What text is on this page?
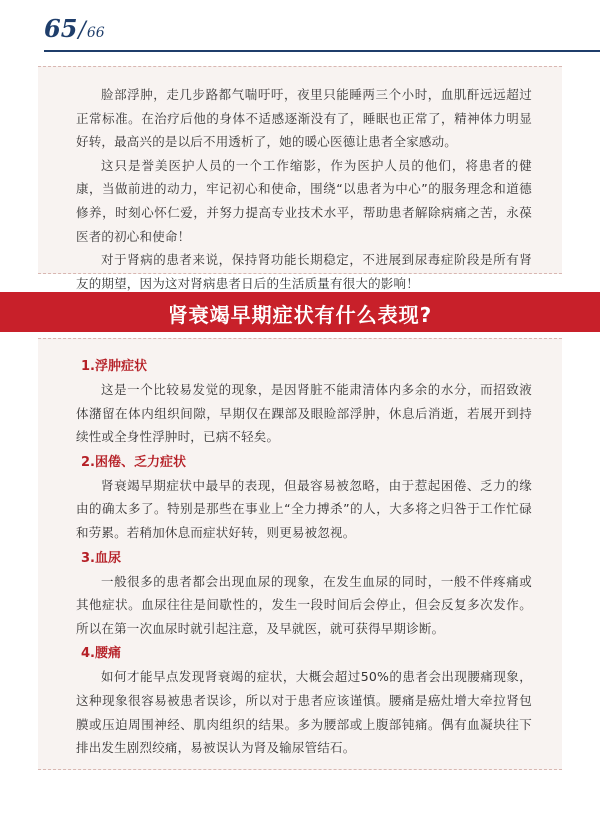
65/66

脸部浮肿，走几步路都气喘吁吁，夜里只能睡两三个小时，血肌酐远远超过正常标准。在治疗后他的身体不适感逐渐没有了，睡眠也正常了，精神体力明显好转，最高兴的是以后不用透析了，她的暖心医德让患者全家感动。

这只是誉美医护人员的一个工作缩影，作为医护人员的他们，将患者的健康，当做前进的动力，牢记初心和使命，围绕“以患者为中心”的服务理念和道德修养，时刻心怀仁爱，并努力提高专业技术水平，帮助患者解除病痛之苦，永葆医者的初心和使命！

对于肾病的患者来说，保持肾功能长期稳定，不进展到尿毒症阶段是所有肾友的期望，因为这对肾病患者日后的生活质量有很大的影响！

肾衰竭早期症状有什么表现?
1.浮肿症状

这是一个比较易发觉的现象，是因肾脏不能肃清体内多余的水分，而招致液体潴留在体内组织间隙，早期仅在踝部及眼睑部浮肿，休息后消逝，若展开到持续性或全身性浮肿时，已病不轻矣。

2.困倦、乏力症状

肾衰竭早期症状中最早的表现，但最容易被忽略，由于惹起困倦、乏力的缘由的确太多了。特别是那些在事业上“全力搏杀”的人，大多将之归咎于工作忙碌和劳累。若稍加休息而症状好转，则更易被忽视。

3.血尿

一般很多的患者都会出现血尿的现象，在发生血尿的同时，一般不伴疼痛或其他症状。血尿往往是间歇性的，发生一段时间后会停止，但会反复多次发作。所以在第一次血尿时就引起注意，及早就医，就可获得早期诊断。

4.腰痛

如何才能早点发现肾衰竭的症状，大概会超过50%的患者会出现腰痛现象，这种现象很容易被患者误诊，所以对于患者应该谨慎。腰痛是癌灶增大牵拉肾包膜或压迫周围神经、肌肉组织的结果。多为腰部或上腹部钝痛。偶有血凝块往下排出发生剧烈绞痛，易被误认为肾及输尿管结石。
